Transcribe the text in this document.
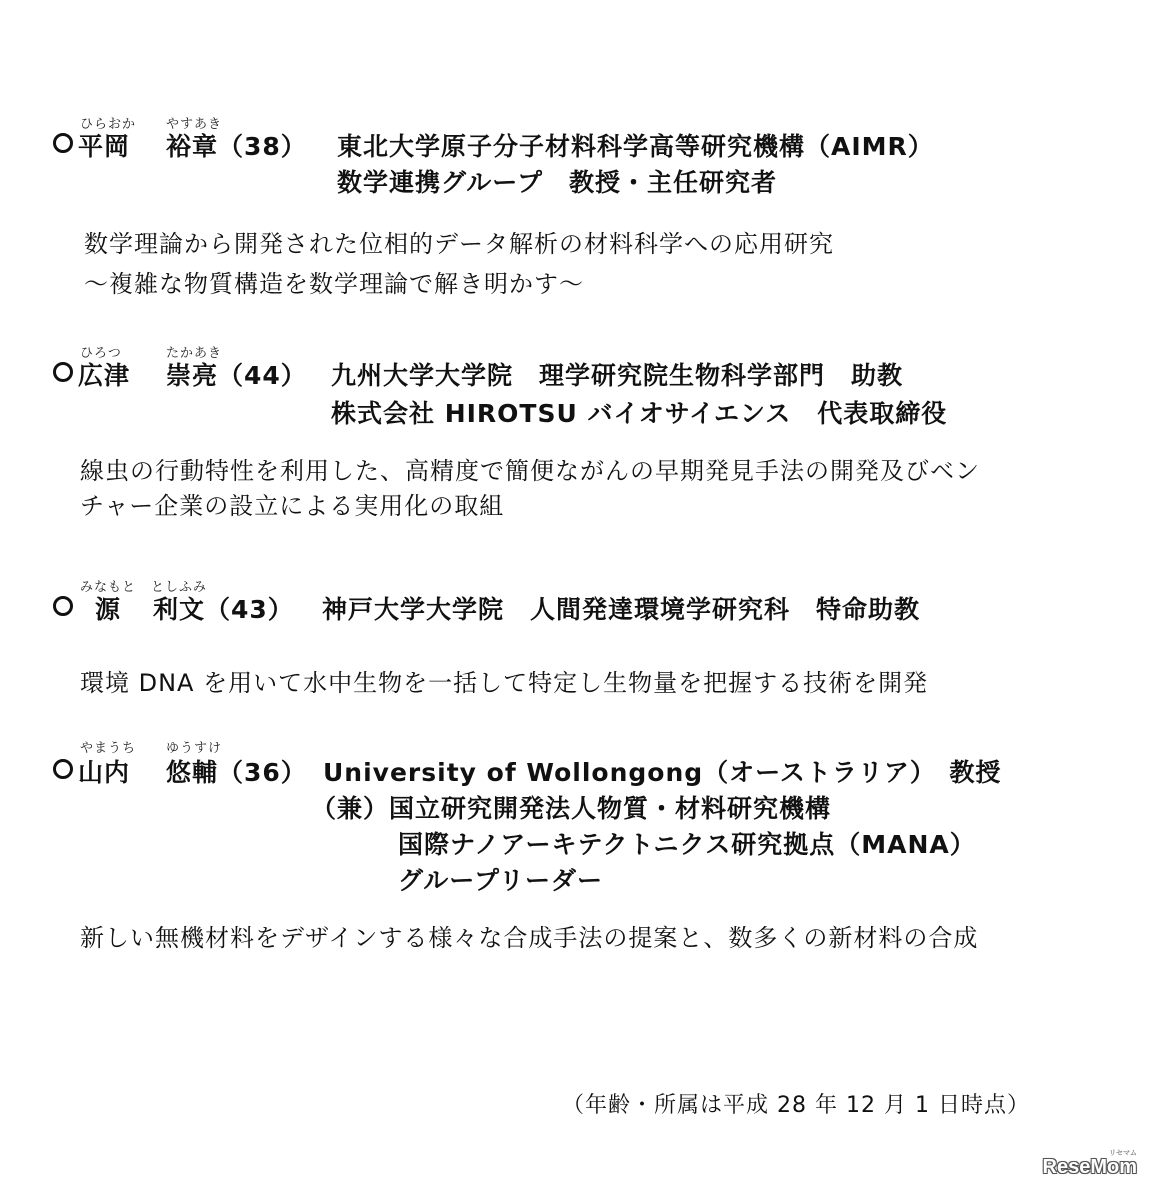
ひらおか やすあき
平岡 裕章 （38） 東北大学原子分子材料科学高等研究機構（AIMR）
数学連携グループ　教授・主任研究者
数学理論から開発された位相的データ解析の材料科学への応用研究
～複雑な物質構造を数学理論で解き明かす～
ひろつ	たかあき
広津 崇亮 （44） 九州大学大学院　理学研究院生物科学部門　助教
株式会社 HIROTSU バイオサイエンス　代表取締役
線虫の行動特性を利用した、高精度で簡便ながんの早期発見手法の開発及びベン
チャー企業の設立による実用化の取組
みなもと としふみ
源 利文 （43） 神戸大学大学院　人間発達環境学研究科　特命助教
環境 DNA を用いて水中生物を一括して特定し生物量を把握する技術を開発
やまうち ゆうすけ
山内 悠輔 （36） University of Wollongong（オーストラリア）　教授
（兼）国立研究開発法人物質・材料研究機構
国際ナノアーキテクトニクス研究拠点（MANA）
グループリーダー
新しい無機材料をデザインする様々な合成手法の提案と、数多くの新材料の合成
（年齢・所属は平成 28 年 12 月 1 日時点）
リセマム
ReseMom
